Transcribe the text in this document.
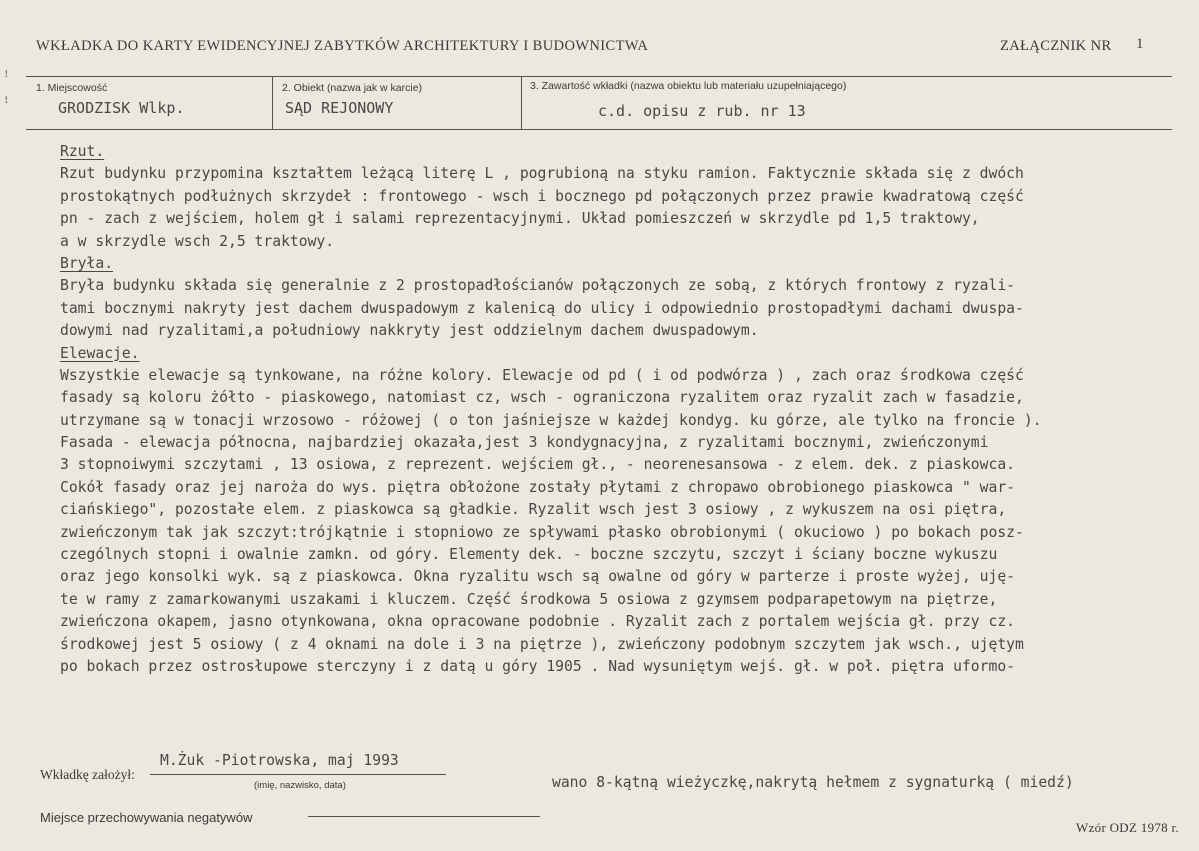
WKŁADKA DO KARTY EWIDENCYJNEJ ZABYTKÓW ARCHITEKTURY I BUDOWNICTWA	ZAŁĄCZNIK NR 1
ꜝ
ꜝ
1. Miejscowość
GRODZISK Wlkp.
2. Obiekt (nazwa jak w karcie)
SĄD REJONOWY
3. Zawartość wkładki (nazwa obiektu lub materiału uzupełniającego)
c.d. opisu z rub. nr 13
Rzut.
Rzut budynku przypomina kształtem leżącą literę L , pogrubioną na styku ramion. Faktycznie składa się z dwóch
prostokątnych podłużnych skrzydeł : frontowego - wsch i bocznego pd połączonych przez prawie kwadratową część
pn - zach z wejściem, holem gł i salami reprezentacyjnymi. Układ pomieszczeń w skrzydle pd 1,5 traktowy,
a w skrzydle wsch 2,5 traktowy.
Bryła.
Bryła budynku składa się generalnie z 2 prostopadłościanów połączonych ze sobą, z których frontowy z ryzali-
tami bocznymi nakryty jest dachem dwuspadowym z kalenicą do ulicy i odpowiednio prostopadłymi dachami dwuspa-
dowymi nad ryzalitami,a południowy nakkryty jest oddzielnym dachem dwuspadowym.
Elewacje.
Wszystkie elewacje są tynkowane, na różne kolory. Elewacje od pd ( i od podwórza ) , zach oraz środkowa część
fasady są koloru żółto - piaskowego, natomiast cz, wsch - ograniczona ryzalitem oraz ryzalit zach w fasadzie,
utrzymane są w tonacji wrzosowo - różowej ( o ton jaśniejsze w każdej kondyg. ku górze, ale tylko na froncie ).
Fasada - elewacja północna, najbardziej okazała,jest 3 kondygnacyjna, z ryzalitami bocznymi, zwieńczonymi
3 stopnoiwymi szczytami , 13 osiowa, z reprezent. wejściem gł., - neorenesansowa - z elem. dek. z piaskowca.
Cokół fasady oraz jej naroża do wys. piętra obłożone zostały płytami z chropawo obrobionego piaskowca " war-
ciańskiego", pozostałe elem. z piaskowca są gładkie. Ryzalit wsch jest 3 osiowy , z wykuszem na osi piętra,
zwieńczonym tak jak szczyt:trójkątnie i stopniowo ze spływami płasko obrobionymi ( okuciowo ) po bokach posz-
czególnych stopni i owalnie zamkn. od góry. Elementy dek. - boczne szczytu, szczyt i ściany boczne wykuszu
oraz jego konsolki wyk. są z piaskowca. Okna ryzalitu wsch są owalne od góry w parterze i proste wyżej, uję-
te w ramy z zamarkowanymi uszakami i kluczem. Część środkowa 5 osiowa z gzymsem podparapetowym na piętrze,
zwieńczona okapem, jasno otynkowana, okna opracowane podobnie . Ryzalit zach z portalem wejścia gł. przy cz.
środkowej jest 5 osiowy ( z 4 oknami na dole i 3 na piętrze ), zwieńczony podobnym szczytem jak wsch., ujętym
po bokach przez ostrosłupowe sterczyny i z datą u góry 1905 . Nad wysuniętym wejś. gł. w poł. piętra uformo-
Wkładkę założył:
M.Żuk -Piotrowska, maj 1993
(imię, nazwisko, data)	wano 8-kątną wieżyczkę,nakrytą hełmem z sygnaturką ( miedź)
Miejsce przechowywania negatywów
Wzór ODZ 1978 r.
